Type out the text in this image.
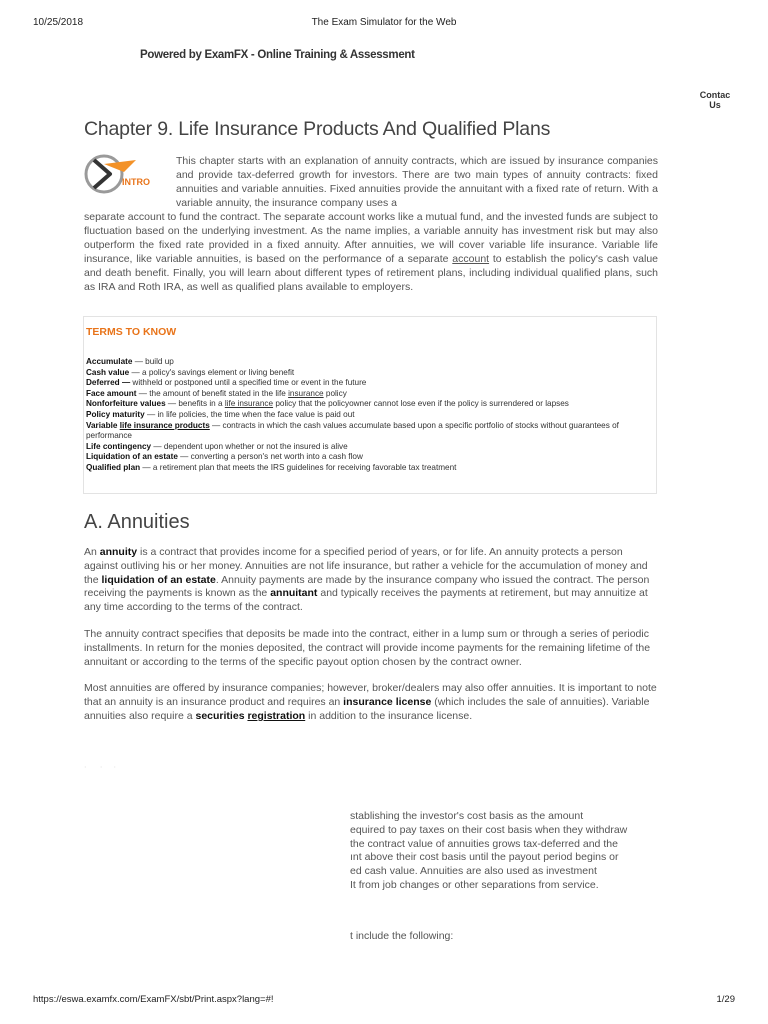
10/25/2018	The Exam Simulator for the Web
Powered by ExamFX - Online Training & Assessment
Contac
Us
Chapter 9. Life Insurance Products And Qualified Plans
INTRO

This chapter starts with an explanation of annuity contracts, which are issued by insurance companies and provide tax-deferred growth for investors. There are two main types of annuity contracts: fixed annuities and variable annuities. Fixed annuities provide the annuitant with a fixed rate of return. With a variable annuity, the insurance company uses a

separate account to fund the contract. The separate account works like a mutual fund, and the invested funds are subject to fluctuation based on the underlying investment. As the name implies, a variable annuity has investment risk but may also outperform the fixed rate provided in a fixed annuity. After annuities, we will cover variable life insurance. Variable life insurance, like variable annuities, is based on the performance of a separate account to establish the policy's cash value and death benefit. Finally, you will learn about different types of retirement plans, including individual qualified plans, such as IRA and Roth IRA, as well as qualified plans available to employers.

TERMS TO KNOW
Accumulate — build up
Cash value — a policy's savings element or living benefit
Deferred — withheld or postponed until a specified time or event in the future
Face amount — the amount of benefit stated in the life insurance policy
Nonforfeiture values — benefits in a life insurance policy that the policyowner cannot lose even if the policy is surrendered or lapses
Policy maturity — in life policies, the time when the face value is paid out
Variable life insurance products — contracts in which the cash values accumulate based upon a specific portfolio of stocks without guarantees of performance
Life contingency — dependent upon whether or not the insured is alive
Liquidation of an estate — converting a person's net worth into a cash flow
Qualified plan — a retirement plan that meets the IRS guidelines for receiving favorable tax treatment
A. Annuities

An annuity is a contract that provides income for a specified period of years, or for life. An annuity protects a person against outliving his or her money. Annuities are not life insurance, but rather a vehicle for the accumulation of money and the liquidation of an estate. Annuity payments are made by the insurance company who issued the contract. The person receiving the payments is known as the annuitant and typically receives the payments at retirement, but may annuitize at any time according to the terms of the contract.

The annuity contract specifies that deposits be made into the contract, either in a lump sum or through a series of periodic installments. In return for the monies deposited, the contract will provide income payments for the remaining lifetime of the annuitant or according to the terms of the specific payout option chosen by the contract owner.

Most annuities are offered by insurance companies; however, broker/dealers may also offer annuities. It is important to note that an annuity is an insurance product and requires an insurance license (which includes the sale of annuities). Variable annuities also require a securities registration in addition to the insurance license.

‧      ‧     ‧
stablishing the investor's cost basis as the amount
equired to pay taxes on their cost basis when they withdraw
the contract value of annuities grows tax-deferred and the
ınt above their cost basis until the payout period begins or
ed cash value. Annuities are also used as investment
It from job changes or other separations from service.
t include the following:
https://eswa.examfx.com/ExamFX/sbt/Print.aspx?lang=#!	1/29
